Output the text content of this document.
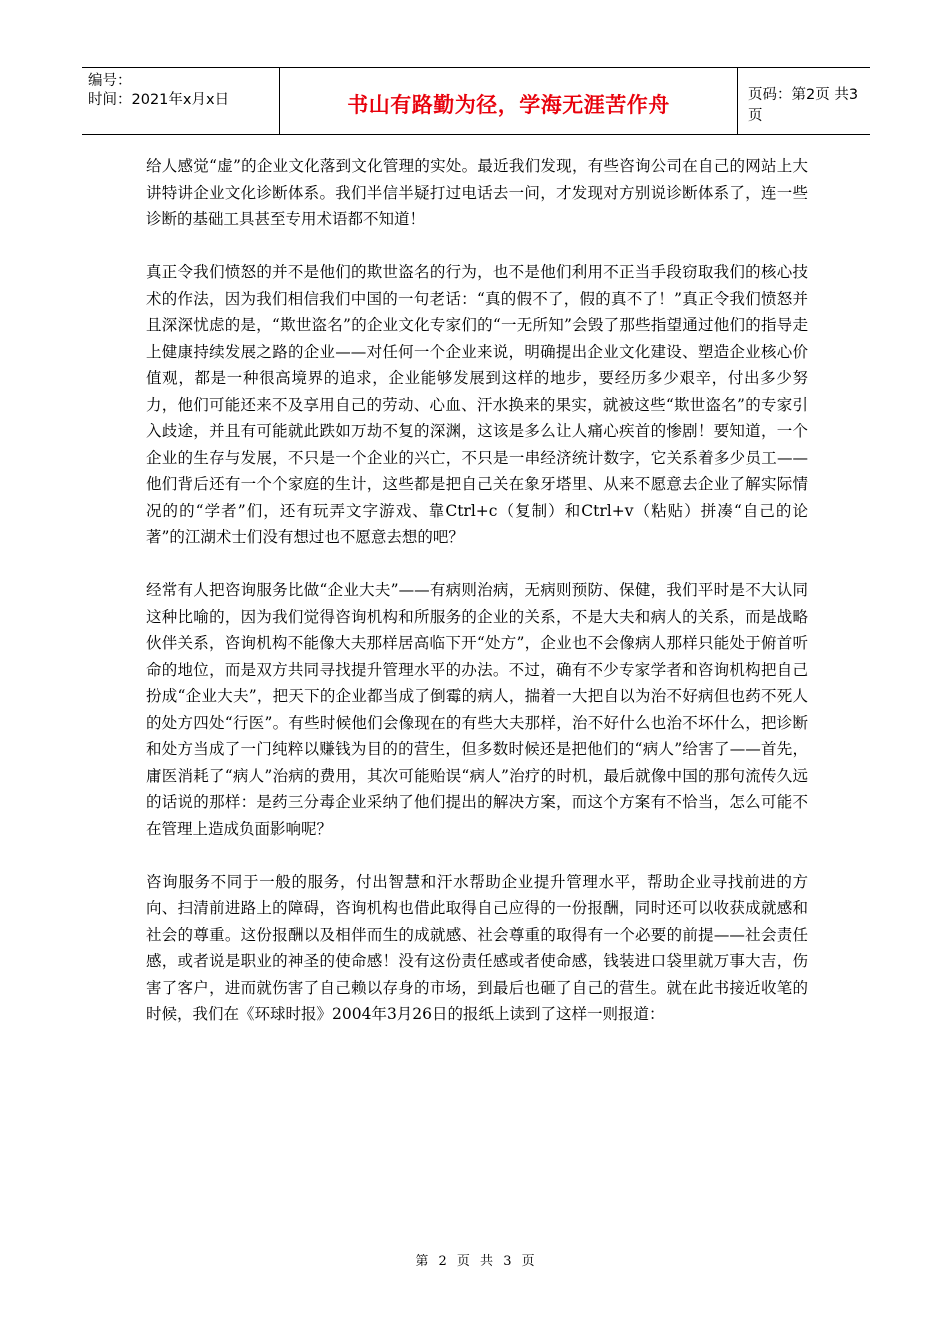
编号：
时间：2021年x月x日	书山有路勤为径，学海无涯苦作舟	页码：第2页 共3页

给人感觉“虚”的企业文化落到文化管理的实处。最近我们发现，有些咨询公司在自己的网站上大讲特讲企业文化诊断体系。我们半信半疑打过电话去一问，才发现对方别说诊断体系了，连一些诊断的基础工具甚至专用术语都不知道！

真正令我们愤怒的并不是他们的欺世盗名的行为，也不是他们利用不正当手段窃取我们的核心技术的作法，因为我们相信我们中国的一句老话：“真的假不了，假的真不了！”真正令我们愤怒并且深深忧虑的是，“欺世盗名”的企业文化专家们的“一无所知”会毁了那些指望通过他们的指导走上健康持续发展之路的企业——对任何一个企业来说，明确提出企业文化建设、塑造企业核心价值观，都是一种很高境界的追求，企业能够发展到这样的地步，要经历多少艰辛，付出多少努力，他们可能还来不及享用自己的劳动、心血、汗水换来的果实，就被这些“欺世盗名”的专家引入歧途，并且有可能就此跌如万劫不复的深渊，这该是多么让人痛心疾首的惨剧！要知道，一个企业的生存与发展，不只是一个企业的兴亡，不只是一串经济统计数字，它关系着多少员工——他们背后还有一个个家庭的生计，这些都是把自己关在象牙塔里、从来不愿意去企业了解实际情况的的“学者”们，还有玩弄文字游戏、靠Ctrl+c（复制）和Ctrl+v（粘贴）拼凑“自己的论著”的江湖术士们没有想过也不愿意去想的吧？

经常有人把咨询服务比做“企业大夫”——有病则治病，无病则预防、保健，我们平时是不大认同这种比喻的，因为我们觉得咨询机构和所服务的企业的关系，不是大夫和病人的关系，而是战略伙伴关系，咨询机构不能像大夫那样居高临下开“处方”，企业也不会像病人那样只能处于俯首听命的地位，而是双方共同寻找提升管理水平的办法。不过，确有不少专家学者和咨询机构把自己扮成“企业大夫”，把天下的企业都当成了倒霉的病人，揣着一大把自以为治不好病但也药不死人的处方四处“行医”。有些时候他们会像现在的有些大夫那样，治不好什么也治不坏什么，把诊断和处方当成了一门纯粹以赚钱为目的的营生，但多数时候还是把他们的“病人”给害了——首先，庸医消耗了“病人”治病的费用，其次可能贻误“病人”治疗的时机，最后就像中国的那句流传久远的话说的那样：是药三分毒企业采纳了他们提出的解决方案，而这个方案有不恰当，怎么可能不在管理上造成负面影响呢？

咨询服务不同于一般的服务，付出智慧和汗水帮助企业提升管理水平，帮助企业寻找前进的方向、扫清前进路上的障碍，咨询机构也借此取得自己应得的一份报酬，同时还可以收获成就感和社会的尊重。这份报酬以及相伴而生的成就感、社会尊重的取得有一个必要的前提——社会责任感，或者说是职业的神圣的使命感！没有这份责任感或者使命感，钱装进口袋里就万事大吉，伤害了客户，进而就伤害了自己赖以存身的市场，到最后也砸了自己的营生。就在此书接近收笔的时候，我们在《环球时报》2004年3月26日的报纸上读到了这样一则报道：

第 2 页 共 3 页
